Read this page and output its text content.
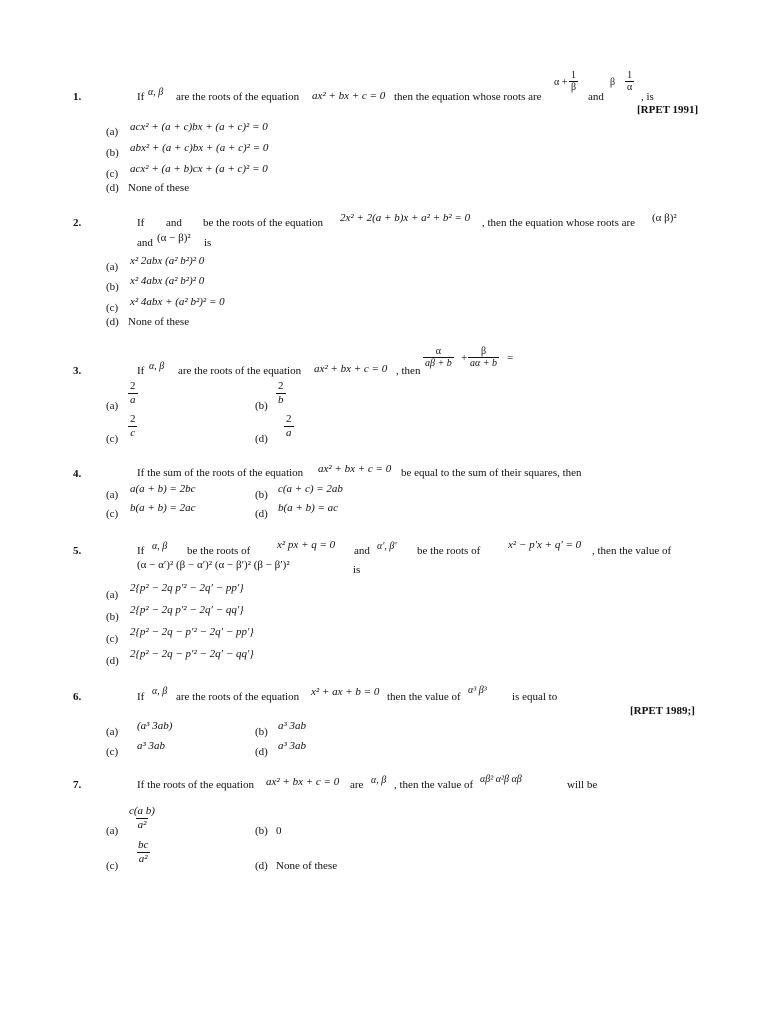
1.	If α, β are the roots of the equation ax² + bx + c = 0 then the equation whose roots are
$\alpha + \frac{1}{\beta}$
and
β $\frac{1}{\alpha}$
, is
[RPET 1991]
(a) acx² + (a + c)bx + (a + c)² = 0
(b) abx² + (a + c)bx + (a + c)² = 0
(c) acx² + (a + b)cx + (a + c)² = 0
(d) None of these
2.	If and be the roots of the equation 2x² + 2(a + b)x + a² + b² = 0 , then the equation whose roots are (α β)²
and (α − β)² is
(a) x² 2abx (a² b²)² 0
(b) x² 4abx (a² b²)² 0
(c) x² 4abx + (a² b²)² = 0
(d) None of these
3.	If α, β are the roots of the equation ax² + bx + c = 0 , then
$\frac{\alpha}{a\beta + b} + \frac{\beta}{a\alpha + b}$ =
$(a) \frac{2}{a}$	$(b) \frac{2}{b}$
$(c) \frac{2}{c}$	$(d) \frac{2}{a}$
4.	If the sum of the roots of the equation ax² + bx + c = 0 be equal to the sum of their squares, then
(a) a(a + b) = 2bc	(b) c(a + c) = 2ab
(c) b(a + b) = 2ac	(d) b(a + b) = ac
5.	If α, β be the roots of x² px + q = 0 and α′, β′ be the roots of	x² − p′x + q′ = 0 , then the value of
(α − α′)² (β − α′)² (α − β′)² (β − β′)²	is
(a)
2{p² − 2q p′² − 2q′ − pp′}
(b)
2{p² − 2q p′² − 2q′ − qq′}
(c)
2{p² − 2q − p′² − 2q′ − pp′}
(d)
2{p² − 2q − p′² − 2q′ − qq′}
6.	If α, β are the roots of the equation x² + ax + b = 0 then the value of
α³ β³
is equal to
[RPET 1989;]
(a) (a³ 3ab)	(b) a³ 3ab
(c) a³ 3ab	(d) a³ 3ab
7.	If the roots of the equation ax² + bx + c = 0 are α, β , then the value of αβ² α²β αβ	will be
$(a) \frac{\text{c(a b)}}{\text{a²}}$	(b) 0
$(c) \frac{bc}{\text{a²}}$	(d) None of these
